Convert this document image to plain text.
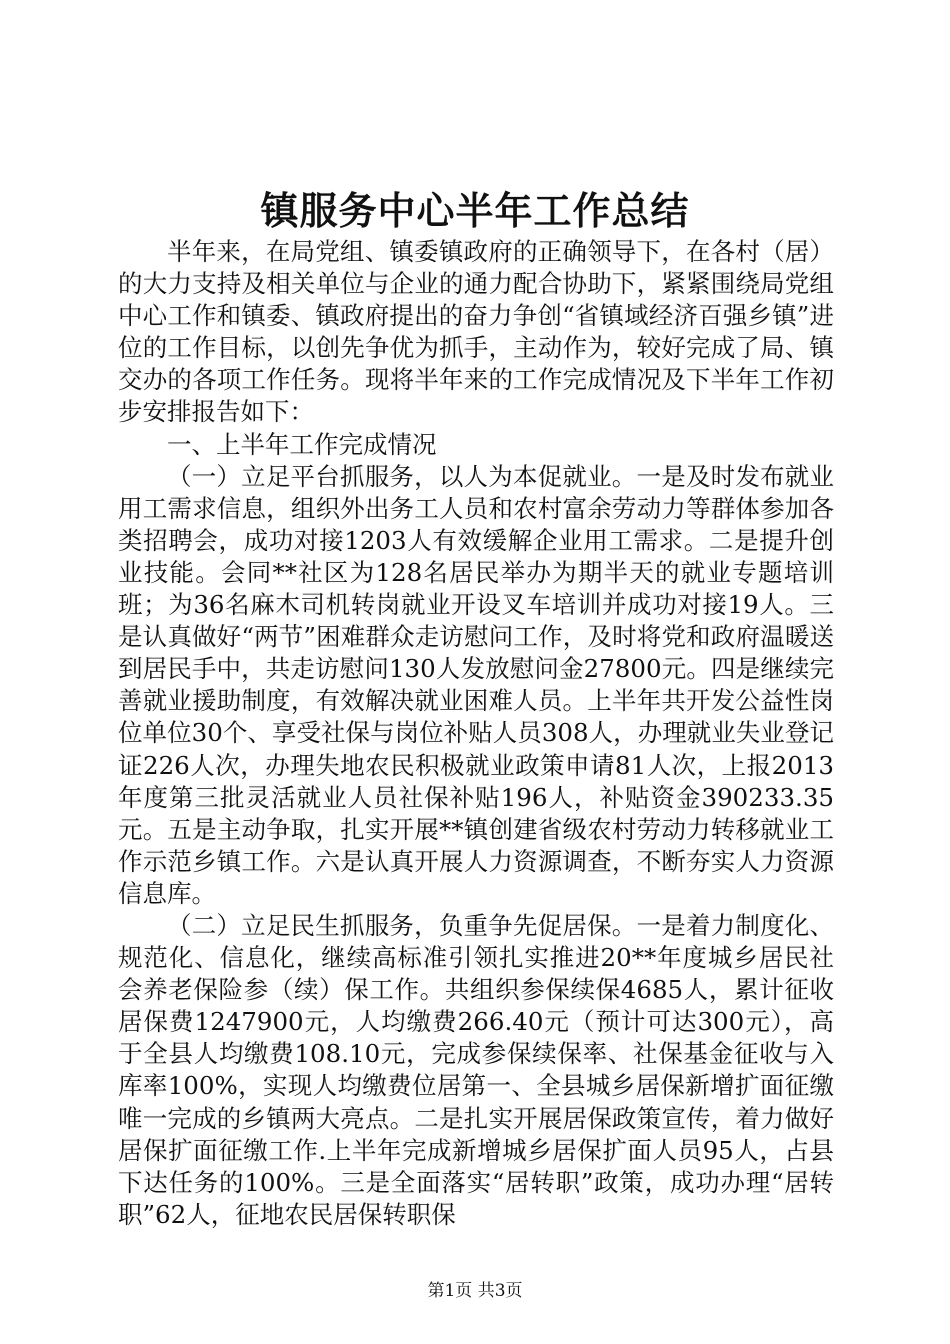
镇服务中心半年工作总结

半年来，在局党组、镇委镇政府的正确领导下，在各村（居）的大力支持及相关单位与企业的通力配合协助下，紧紧围绕局党组中心工作和镇委、镇政府提出的奋力争创“省镇域经济百强乡镇”进位的工作目标，以创先争优为抓手，主动作为，较好完成了局、镇交办的各项工作任务。现将半年来的工作完成情况及下半年工作初步安排报告如下：

一、上半年工作完成情况

（一）立足平台抓服务，以人为本促就业。一是及时发布就业用工需求信息，组织外出务工人员和农村富余劳动力等群体参加各类招聘会，成功对接1203人有效缓解企业用工需求。二是提升创业技能。会同**社区为128名居民举办为期半天的就业专题培训班；为36名麻木司机转岗就业开设叉车培训并成功对接19人。三是认真做好“两节”困难群众走访慰问工作，及时将党和政府温暖送到居民手中，共走访慰问130人发放慰问金27800元。四是继续完善就业援助制度，有效解决就业困难人员。上半年共开发公益性岗位单位30个、享受社保与岗位补贴人员308人，办理就业失业登记证226人次，办理失地农民积极就业政策申请81人次，上报2013年度第三批灵活就业人员社保补贴196人，补贴资金390233.35元。五是主动争取，扎实开展**镇创建省级农村劳动力转移就业工作示范乡镇工作。六是认真开展人力资源调查，不断夯实人力资源信息库。

（二）立足民生抓服务，负重争先促居保。一是着力制度化、规范化、信息化，继续高标准引领扎实推进20**年度城乡居民社会养老保险参（续）保工作。共组织参保续保4685人，累计征收居保费1247900元，人均缴费266.40元（预计可达300元），高于全县人均缴费108.10元，完成参保续保率、社保基金征收与入库率100%，实现人均缴费位居第一、全县城乡居保新增扩面征缴唯一完成的乡镇两大亮点。二是扎实开展居保政策宣传，着力做好居保扩面征缴工作.上半年完成新增城乡居保扩面人员95人，占县下达任务的100%。三是全面落实“居转职”政策，成功办理“居转职”62人，征地农民居保转职保

第1页 共3页
